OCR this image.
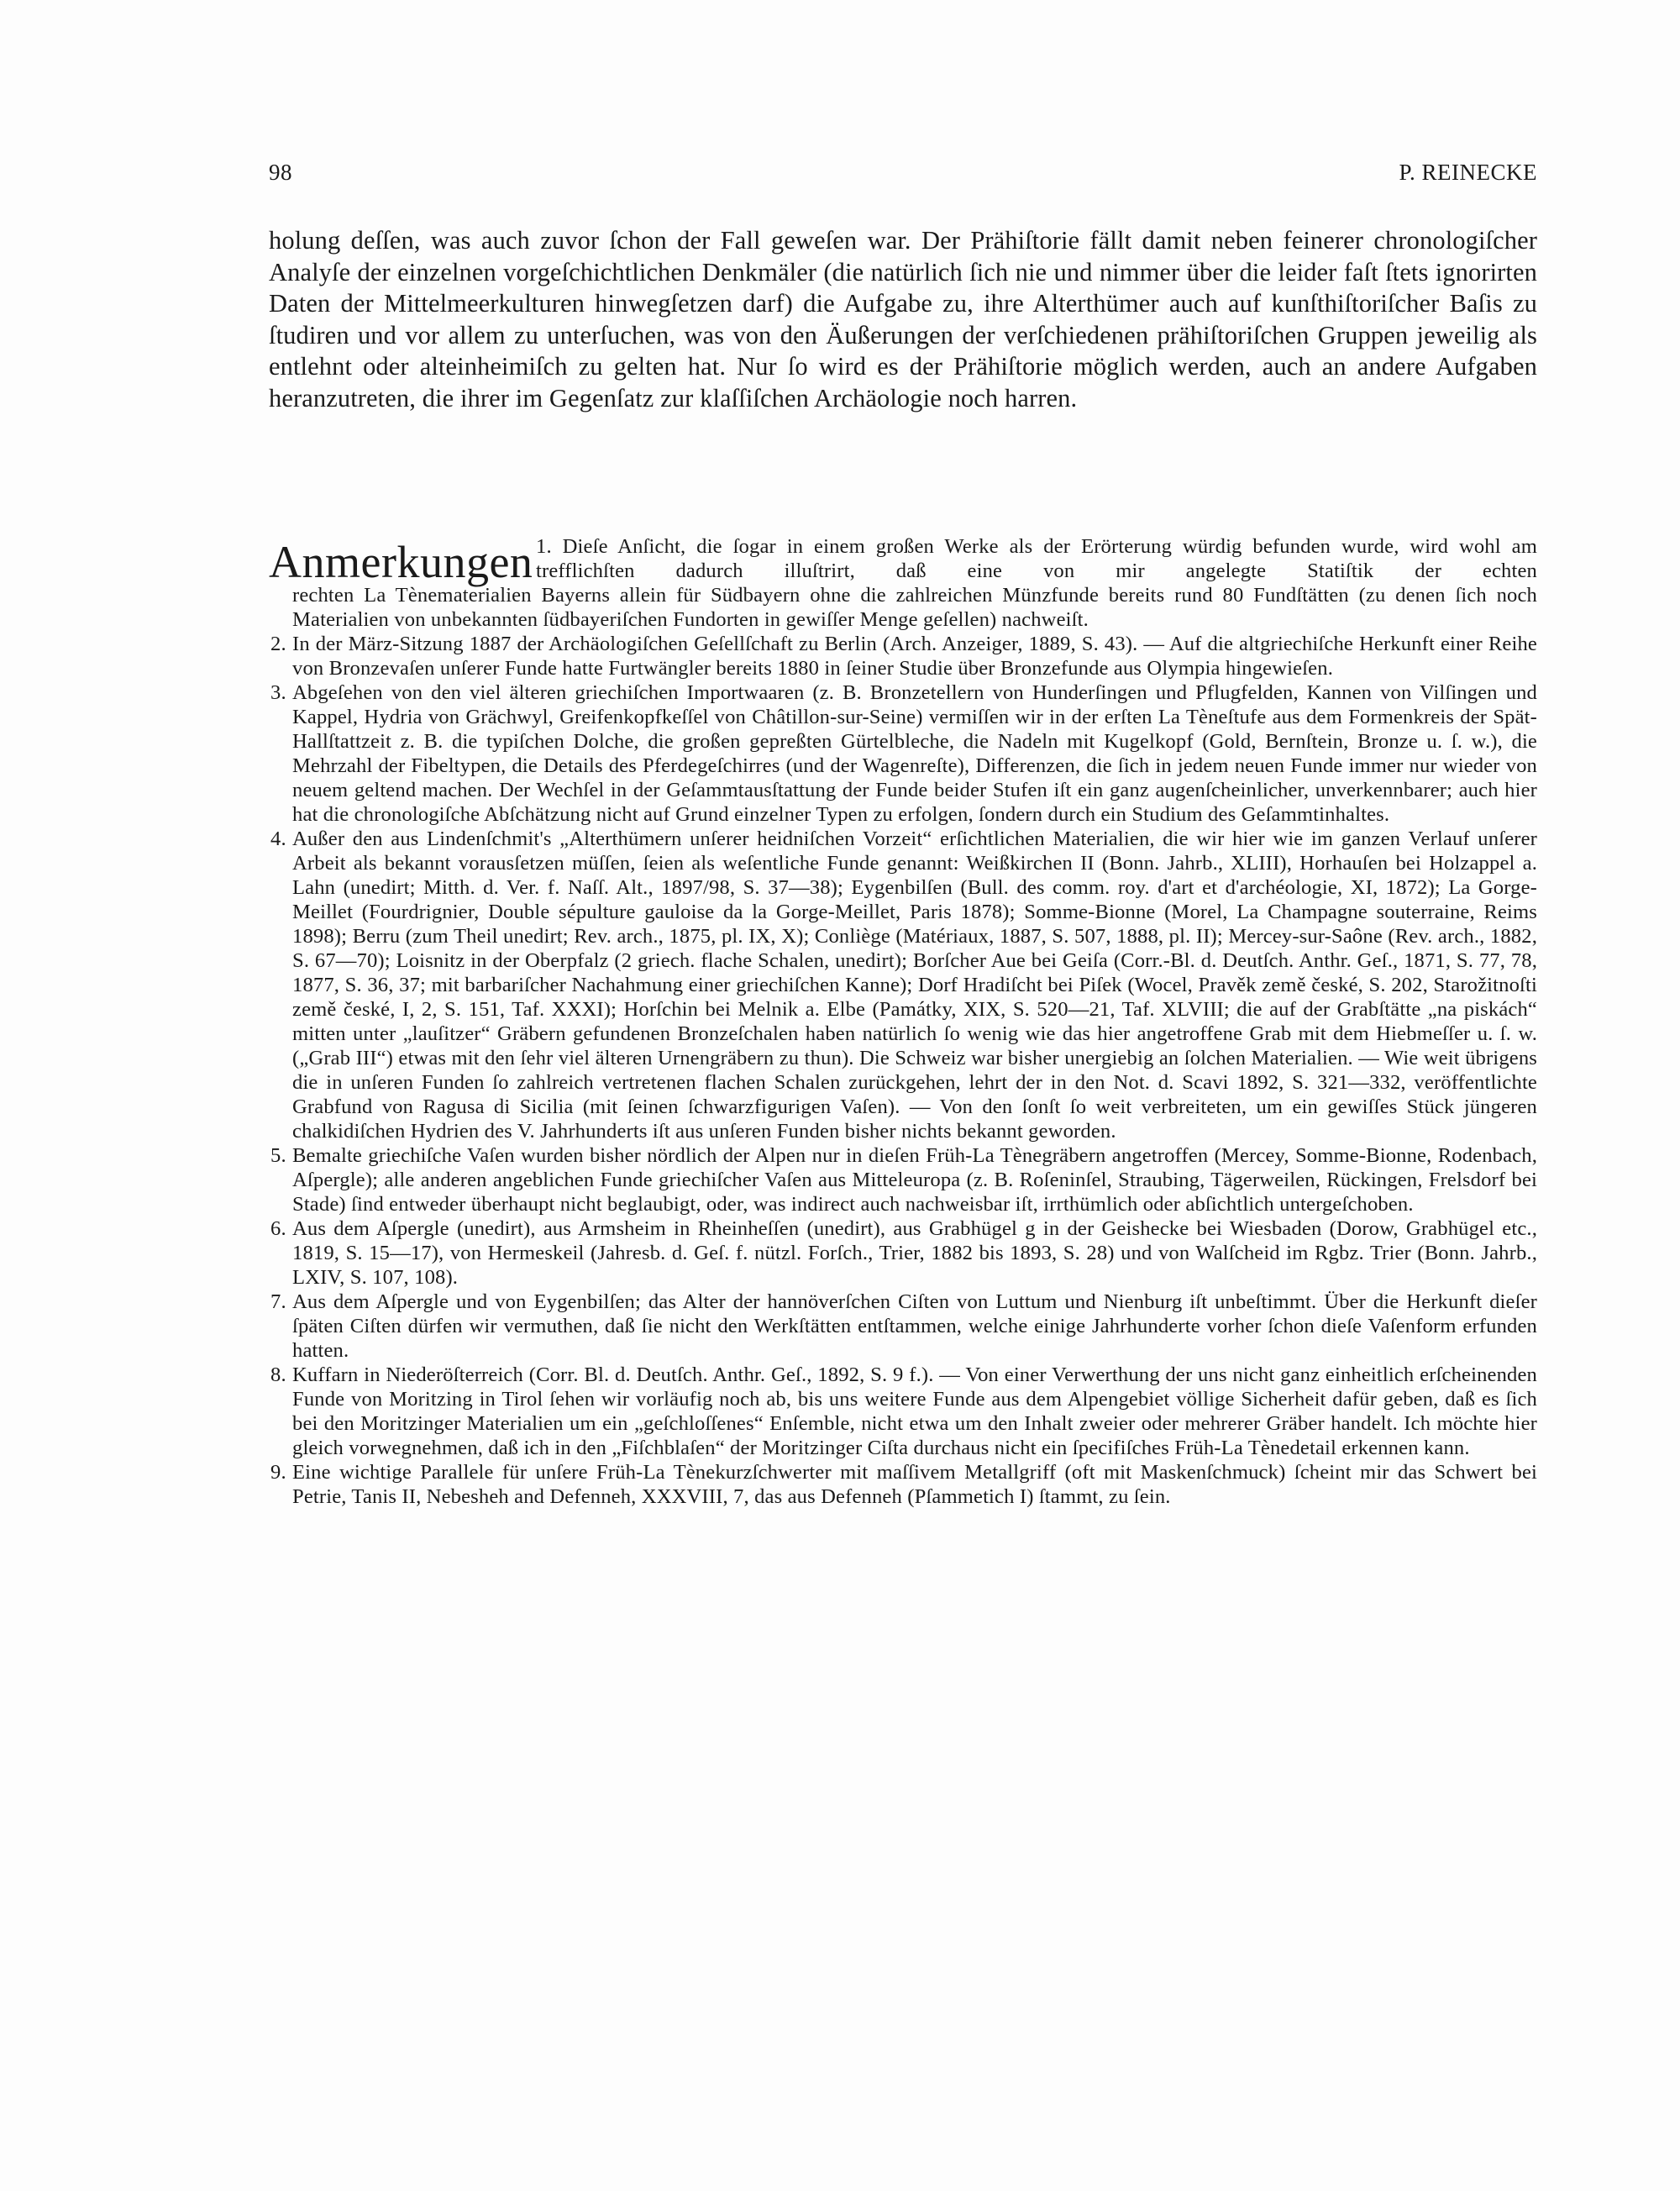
98	P. REINECKE

holung deſſen, was auch zuvor ſchon der Fall geweſen war. Der Prähiſtorie fällt damit neben feinerer chronologiſcher Analyſe der einzelnen vorgeſchichtlichen Denkmäler (die natürlich ſich nie und nimmer über die leider faſt ſtets ignorirten Daten der Mittelmeerkulturen hinwegſetzen darf) die Aufgabe zu, ihre Alterthümer auch auf kunſthiſtoriſcher Baſis zu ſtudiren und vor allem zu unterſuchen, was von den Äußerungen der verſchiedenen prähiſtoriſchen Gruppen jeweilig als entlehnt oder alteinheimiſch zu gelten hat. Nur ſo wird es der Prähiſtorie möglich werden, auch an andere Aufgaben heranzutreten, die ihrer im Gegenſatz zur klaſſiſchen Archäologie noch harren.

Anmerkungen 1. Dieſe Anſicht, die ſogar in einem großen Werke als der Erörterung würdig befunden wurde, wird wohl am trefflichſten dadurch illuſtrirt, daß eine von mir angelegte Statiſtik der echten
rechten La Tènematerialien Bayerns allein für Südbayern ohne die zahlreichen Münzfunde bereits rund 80 Fundſtätten (zu denen ſich noch Materialien von unbekannten ſüdbayeriſchen Fundorten in gewiſſer Menge geſellen) nachweiſt.
2. In der März-Sitzung 1887 der Archäologiſchen Geſellſchaft zu Berlin (Arch. Anzeiger, 1889, S. 43). — Auf die altgriechiſche Herkunft einer Reihe von Bronzevaſen unſerer Funde hatte Furtwängler bereits 1880 in ſeiner Studie über Bronzefunde aus Olympia hingewieſen.
3. Abgeſehen von den viel älteren griechiſchen Importwaaren (z. B. Bronzetellern von Hunderſingen und Pflugfelden, Kannen von Vilſingen und Kappel, Hydria von Grächwyl, Greifenkopfkeſſel von Châtillon-sur-Seine) vermiſſen wir in der erſten La Tèneſtufe aus dem Formenkreis der Spät-Hallſtattzeit z. B. die typiſchen Dolche, die großen gepreßten Gürtelbleche, die Nadeln mit Kugelkopf (Gold, Bernſtein, Bronze u. ſ. w.), die Mehrzahl der Fibeltypen, die Details des Pferdegeſchirres (und der Wagenreſte), Differenzen, die ſich in jedem neuen Funde immer nur wieder von neuem geltend machen. Der Wechſel in der Geſammtausſtattung der Funde beider Stufen iſt ein ganz augenſcheinlicher, unverkennbarer; auch hier hat die chronologiſche Abſchätzung nicht auf Grund einzelner Typen zu erfolgen, ſondern durch ein Studium des Geſammtinhaltes.
4. Außer den aus Lindenſchmit's „Alterthümern unſerer heidniſchen Vorzeit“ erſichtlichen Materialien, die wir hier wie im ganzen Verlauf unſerer Arbeit als bekannt vorausſetzen müſſen, ſeien als weſentliche Funde genannt: Weißkirchen II (Bonn. Jahrb., XLIII), Horhauſen bei Holzappel a. Lahn (unedirt; Mitth. d. Ver. f. Naſſ. Alt., 1897/98, S. 37—38); Eygenbilſen (Bull. des comm. roy. d'art et d'archéologie, XI, 1872); La Gorge-Meillet (Fourdrignier, Double sépulture gauloise da la Gorge-Meillet, Paris 1878); Somme-Bionne (Morel, La Champagne souterraine, Reims 1898); Berru (zum Theil unedirt; Rev. arch., 1875, pl. IX, X); Conliège (Matériaux, 1887, S. 507, 1888, pl. II); Mercey-sur-Saône (Rev. arch., 1882, S. 67—70); Loisnitz in der Oberpfalz (2 griech. flache Schalen, unedirt); Borſcher Aue bei Geiſa (Corr.-Bl. d. Deutſch. Anthr. Geſ., 1871, S. 77, 78, 1877, S. 36, 37; mit barbariſcher Nachahmung einer griechiſchen Kanne); Dorf Hradiſcht bei Piſek (Wocel, Pravěk země české, S. 202, Starožitnoſti země české, I, 2, S. 151, Taf. XXXI); Horſchin bei Melnik a. Elbe (Památky, XIX, S. 520—21, Taf. XLVIII; die auf der Grabſtätte „na piskách“ mitten unter „lauſitzer“ Gräbern gefundenen Bronzeſchalen haben natürlich ſo wenig wie das hier angetroffene Grab mit dem Hiebmeſſer u. ſ. w. („Grab III“) etwas mit den ſehr viel älteren Urnengräbern zu thun). Die Schweiz war bisher unergiebig an ſolchen Materialien. — Wie weit übrigens die in unſeren Funden ſo zahlreich vertretenen flachen Schalen zurückgehen, lehrt der in den Not. d. Scavi 1892, S. 321—332, veröffentlichte Grabfund von Ragusa di Sicilia (mit ſeinen ſchwarzfigurigen Vaſen). — Von den ſonſt ſo weit verbreiteten, um ein gewiſſes Stück jüngeren chalkidiſchen Hydrien des V. Jahrhunderts iſt aus unſeren Funden bisher nichts bekannt geworden.
5. Bemalte griechiſche Vaſen wurden bisher nördlich der Alpen nur in dieſen Früh-La Tènegräbern angetroffen (Mercey, Somme-Bionne, Rodenbach, Aſpergle); alle anderen angeblichen Funde griechiſcher Vaſen aus Mitteleuropa (z. B. Roſeninſel, Straubing, Tägerweilen, Rückingen, Frelsdorf bei Stade) ſind entweder überhaupt nicht beglaubigt, oder, was indirect auch nachweisbar iſt, irrthümlich oder abſichtlich untergeſchoben.
6. Aus dem Aſpergle (unedirt), aus Armsheim in Rheinheſſen (unedirt), aus Grabhügel g in der Geishecke bei Wiesbaden (Dorow, Grabhügel etc., 1819, S. 15—17), von Hermeskeil (Jahresb. d. Geſ. f. nützl. Forſch., Trier, 1882 bis 1893, S. 28) und von Walſcheid im Rgbz. Trier (Bonn. Jahrb., LXIV, S. 107, 108).
7. Aus dem Aſpergle und von Eygenbilſen; das Alter der hannöverſchen Ciſten von Luttum und Nienburg iſt unbeſtimmt. Über die Herkunft dieſer ſpäten Ciſten dürfen wir vermuthen, daß ſie nicht den Werkſtätten entſtammen, welche einige Jahrhunderte vorher ſchon dieſe Vaſenform erfunden hatten.
8. Kuffarn in Niederöſterreich (Corr. Bl. d. Deutſch. Anthr. Geſ., 1892, S. 9 f.). — Von einer Verwerthung der uns nicht ganz einheitlich erſcheinenden Funde von Moritzing in Tirol ſehen wir vorläufig noch ab, bis uns weitere Funde aus dem Alpengebiet völlige Sicherheit dafür geben, daß es ſich bei den Moritzinger Materialien um ein „geſchloſſenes“ Enſemble, nicht etwa um den Inhalt zweier oder mehrerer Gräber handelt. Ich möchte hier gleich vorwegnehmen, daß ich in den „Fiſchblaſen“ der Moritzinger Ciſta durchaus nicht ein ſpecifiſches Früh-La Tènedetail erkennen kann.
9. Eine wichtige Parallele für unſere Früh-La Tènekurzſchwerter mit maſſivem Metallgriff (oft mit Maskenſchmuck) ſcheint mir das Schwert bei Petrie, Tanis II, Nebesheh and Defenneh, XXXVIII, 7, das aus Defenneh (Pſammetich I) ſtammt, zu ſein.
